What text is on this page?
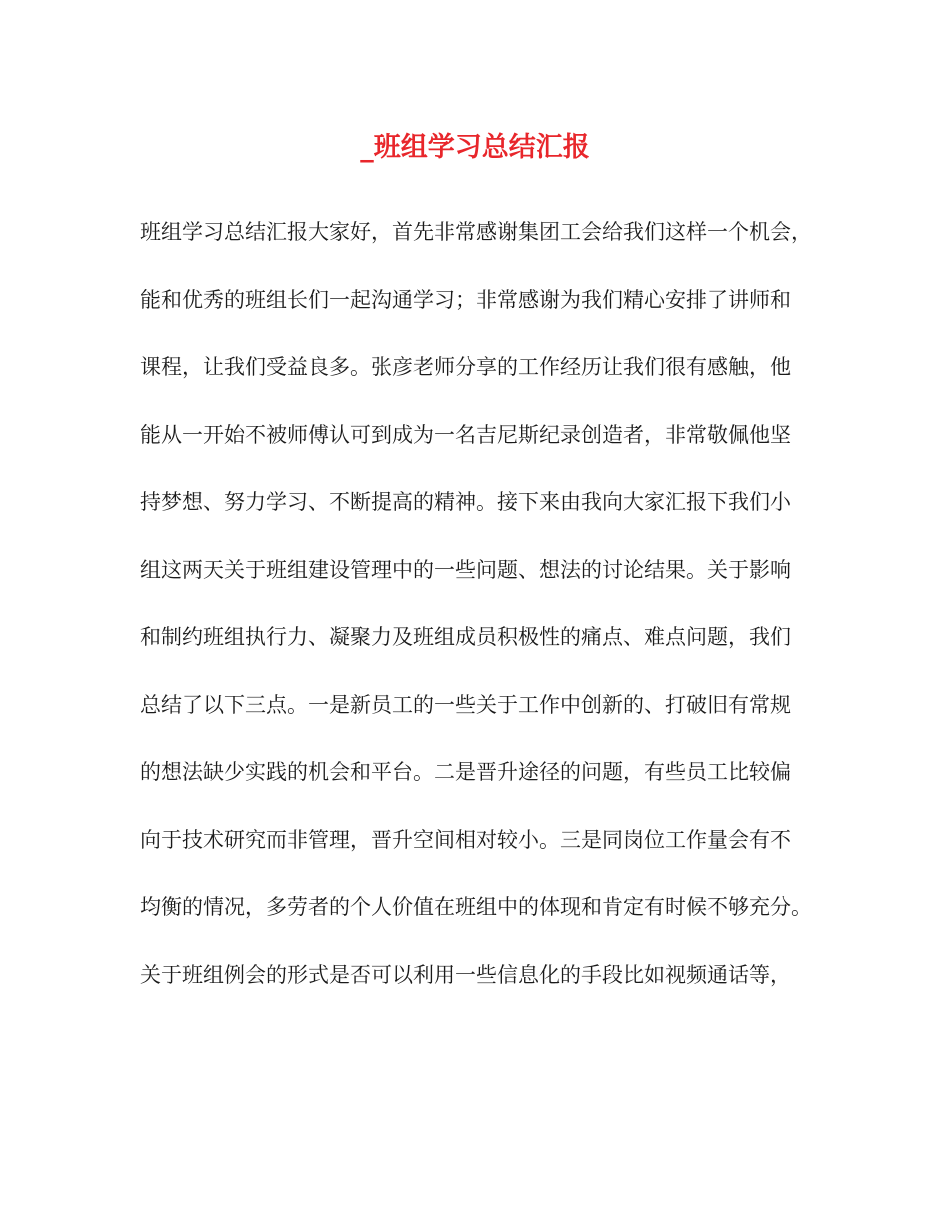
_班组学习总结汇报
班组学习总结汇报大家好，首先非常感谢集团工会给我们这样一个机会，
能和优秀的班组长们一起沟通学习；非常感谢为我们精心安排了讲师和
课程，让我们受益良多。张彦老师分享的工作经历让我们很有感触，他
能从一开始不被师傅认可到成为一名吉尼斯纪录创造者，非常敬佩他坚
持梦想、努力学习、不断提高的精神。接下来由我向大家汇报下我们小
组这两天关于班组建设管理中的一些问题、想法的讨论结果。关于影响
和制约班组执行力、凝聚力及班组成员积极性的痛点、难点问题，我们
总结了以下三点。一是新员工的一些关于工作中创新的、打破旧有常规
的想法缺少实践的机会和平台。二是晋升途径的问题，有些员工比较偏
向于技术研究而非管理，晋升空间相对较小。三是同岗位工作量会有不
均衡的情况，多劳者的个人价值在班组中的体现和肯定有时候不够充分。
关于班组例会的形式是否可以利用一些信息化的手段比如视频通话等，
